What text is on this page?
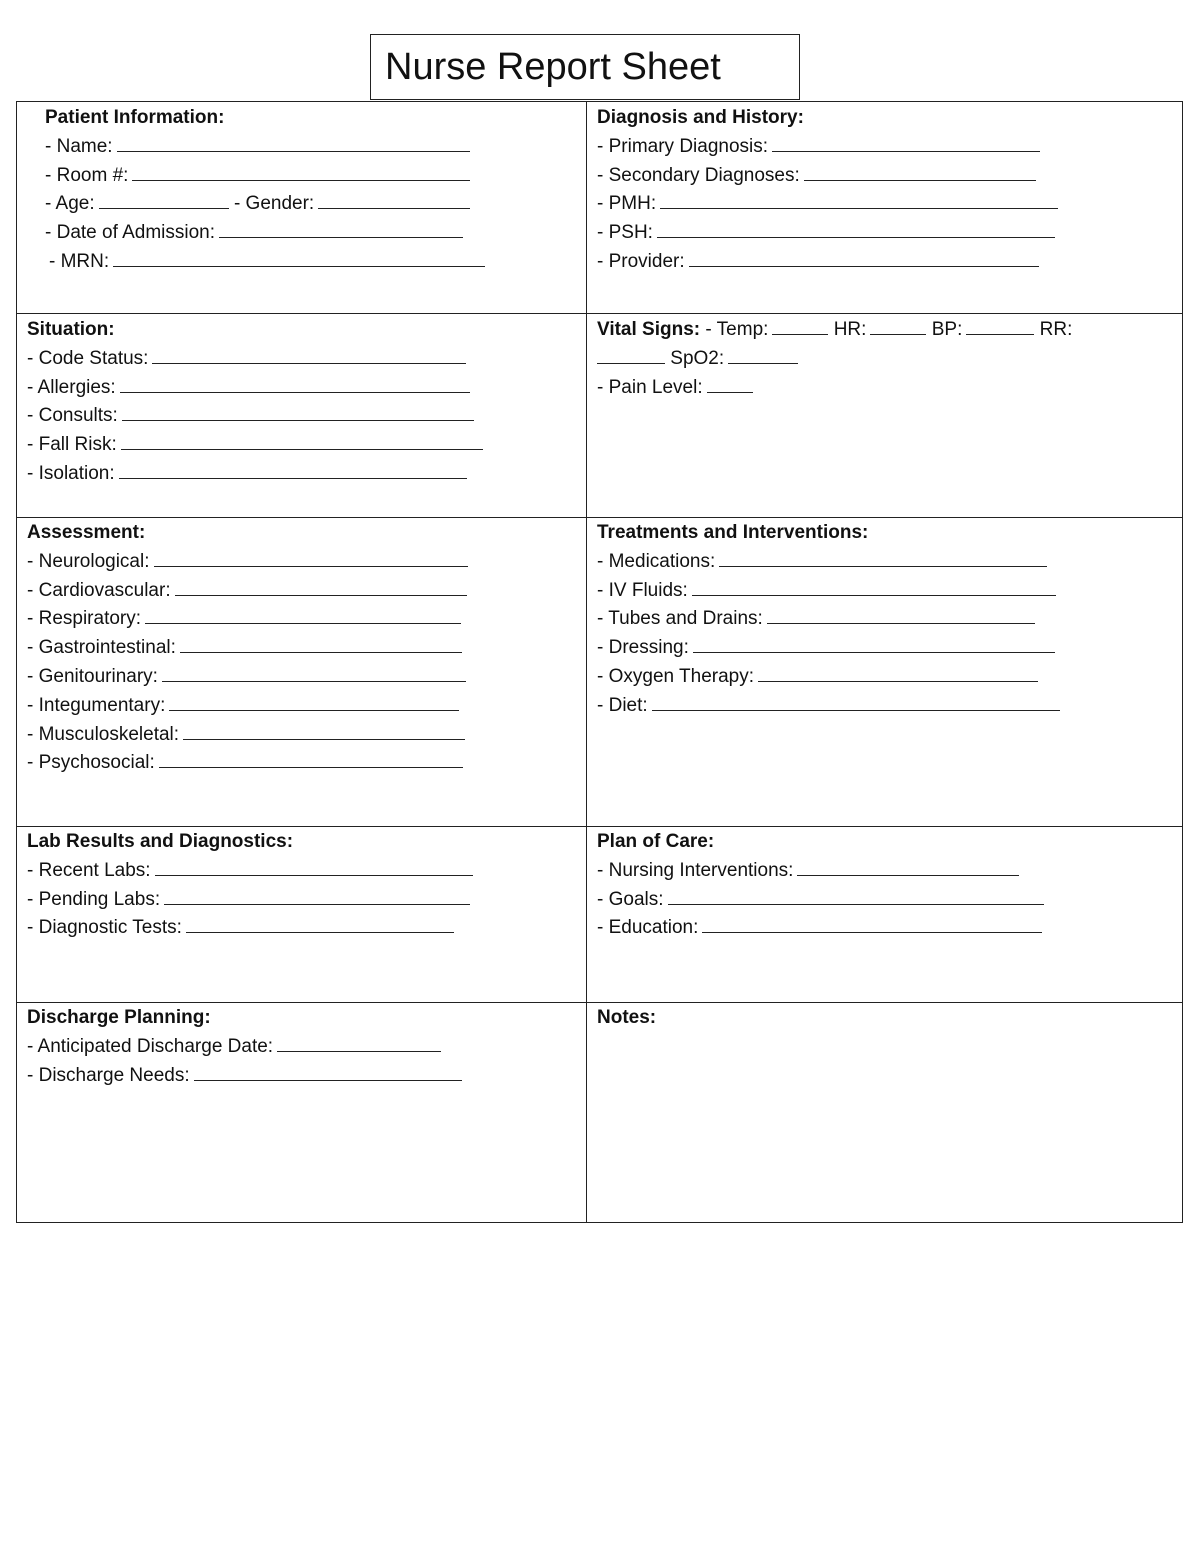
Nurse Report Sheet
Patient Information:
- Name:
- Room #:
- Age:	- Gender:
- Date of Admission:
- MRN:
Diagnosis and History:
- Primary Diagnosis:
- Secondary Diagnoses:
- PMH:
- PSH:
- Provider:
Situation:
- Code Status:
- Allergies:
- Consults:
- Fall Risk:
- Isolation:
Vital Signs: - Temp:	HR:	BP:	RR:
SpO2:
- Pain Level:
Assessment:
- Neurological:
- Cardiovascular:
- Respiratory:
- Gastrointestinal:
- Genitourinary:
- Integumentary:
- Musculoskeletal:
- Psychosocial:
Treatments and Interventions:
- Medications:
- IV Fluids:
- Tubes and Drains:
- Dressing:
- Oxygen Therapy:
- Diet:
Lab Results and Diagnostics:
- Recent Labs:
- Pending Labs:
- Diagnostic Tests:
Plan of Care:
- Nursing Interventions:
- Goals:
- Education:
Discharge Planning:
- Anticipated Discharge Date:
- Discharge Needs:
Notes:
